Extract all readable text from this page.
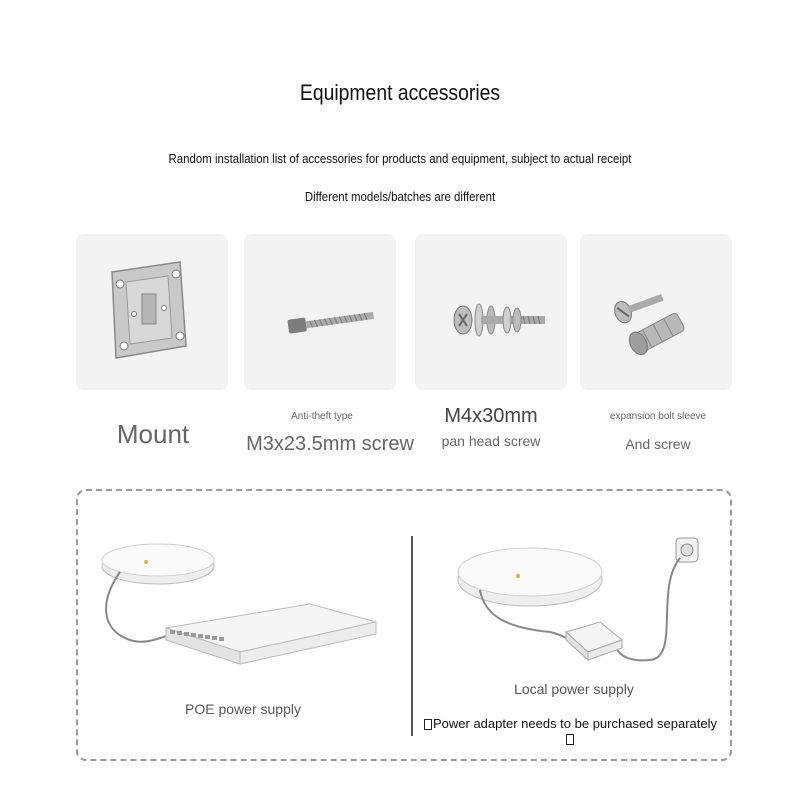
Equipment accessories
Random installation list of accessories for products and equipment, subject to actual receipt
Different models/batches are different
Mount
Anti-theft type
M3x23.5mm screw
M4x30mm
pan head screw
expansion bolt sleeve
And screw
POE power supply
Local power supply
Power adapter needs to be purchased separately
